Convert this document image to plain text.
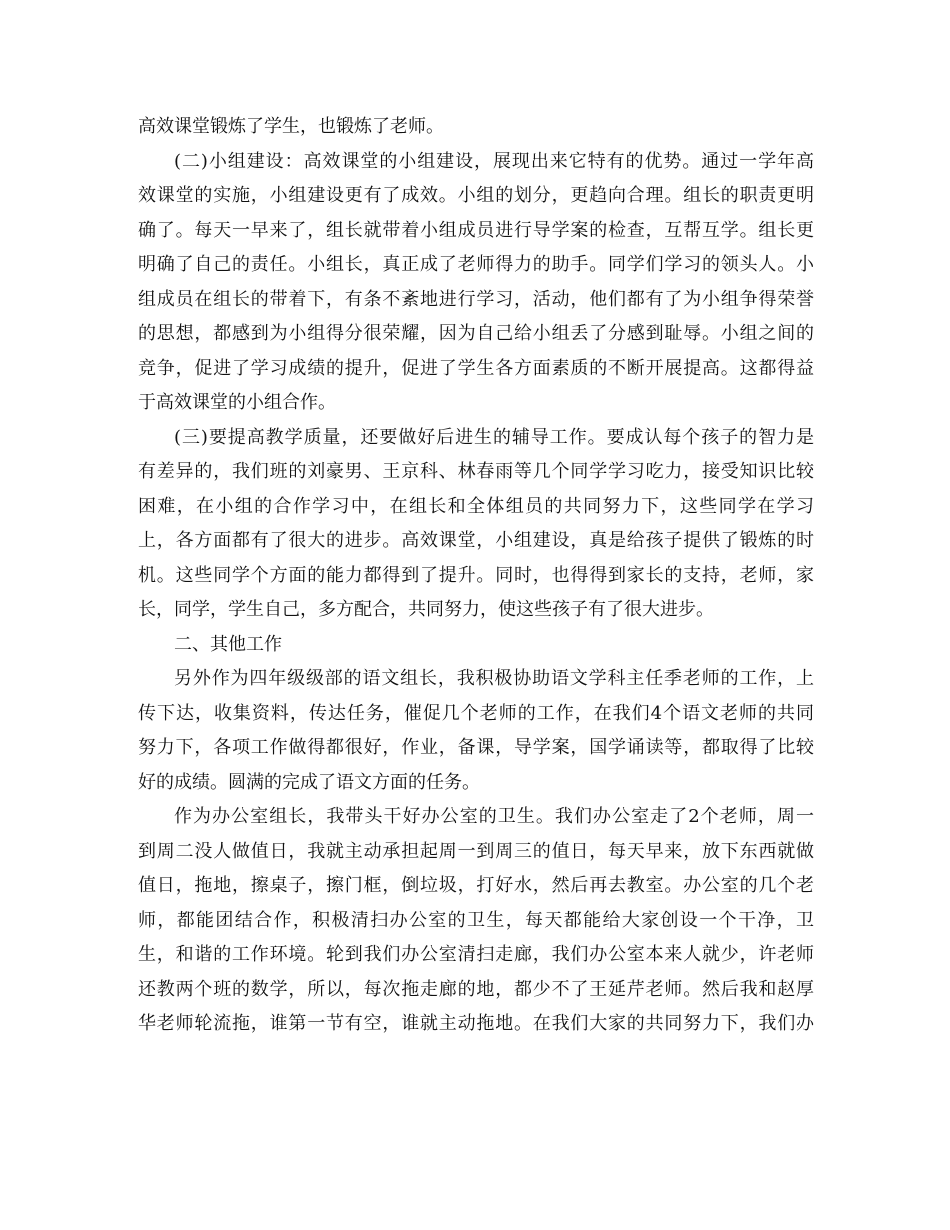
高效课堂锻炼了学生，也锻炼了老师。
(二)小组建设：高效课堂的小组建设，展现出来它特有的优势。通过一学年高
效课堂的实施，小组建设更有了成效。小组的划分，更趋向合理。组长的职责更明
确了。每天一早来了，组长就带着小组成员进行导学案的检查，互帮互学。组长更
明确了自己的责任。小组长，真正成了老师得力的助手。同学们学习的领头人。小
组成员在组长的带着下，有条不紊地进行学习，活动，他们都有了为小组争得荣誉
的思想，都感到为小组得分很荣耀，因为自己给小组丢了分感到耻辱。小组之间的
竞争，促进了学习成绩的提升，促进了学生各方面素质的不断开展提高。这都得益
于高效课堂的小组合作。
(三)要提高教学质量，还要做好后进生的辅导工作。要成认每个孩子的智力是
有差异的，我们班的刘豪男、王京科、林春雨等几个同学学习吃力，接受知识比较
困难，在小组的合作学习中，在组长和全体组员的共同努力下，这些同学在学习
上，各方面都有了很大的进步。高效课堂，小组建设，真是给孩子提供了锻炼的时
机。这些同学个方面的能力都得到了提升。同时，也得得到家长的支持，老师，家
长，同学，学生自己，多方配合，共同努力，使这些孩子有了很大进步。
二、其他工作
另外作为四年级级部的语文组长，我积极协助语文学科主任季老师的工作，上
传下达，收集资料，传达任务，催促几个老师的工作，在我们4个语文老师的共同
努力下，各项工作做得都很好，作业，备课，导学案，国学诵读等，都取得了比较
好的成绩。圆满的完成了语文方面的任务。
作为办公室组长，我带头干好办公室的卫生。我们办公室走了2个老师，周一
到周二没人做值日，我就主动承担起周一到周三的值日，每天早来，放下东西就做
值日，拖地，擦桌子，擦门框，倒垃圾，打好水，然后再去教室。办公室的几个老
师，都能团结合作，积极清扫办公室的卫生，每天都能给大家创设一个干净，卫
生，和谐的工作环境。轮到我们办公室清扫走廊，我们办公室本来人就少，许老师
还教两个班的数学，所以，每次拖走廊的地，都少不了王延芹老师。然后我和赵厚
华老师轮流拖，谁第一节有空，谁就主动拖地。在我们大家的共同努力下，我们办
